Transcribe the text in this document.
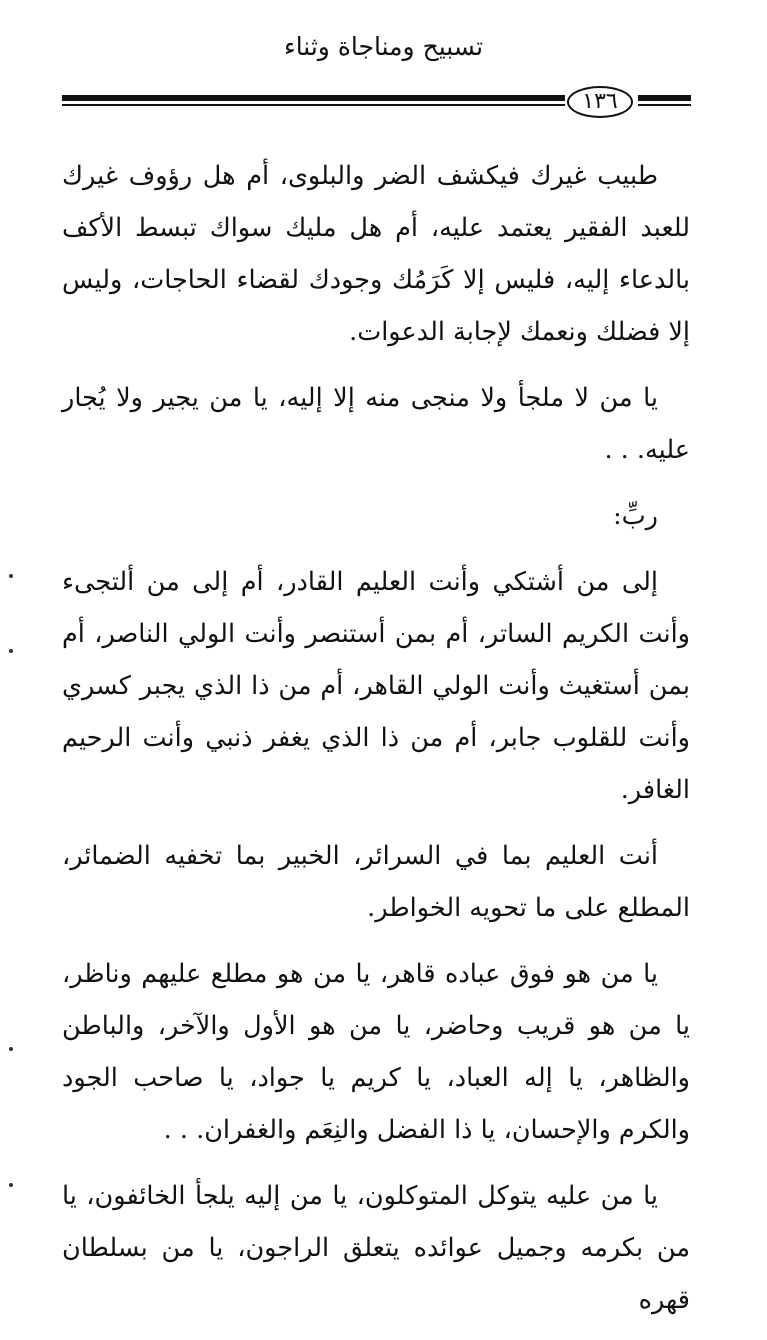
تسبيح ومناجاة وثناء
١٣٦

طبيب غيرك فيكشف الضر والبلوى، أم هل رؤوف غيرك للعبد الفقير يعتمد عليه، أم هل مليك سواك تبسط الأكف بالدعاء إليه، فليس إلا كَرَمُك وجودك لقضاء الحاجات، وليس إلا فضلك ونعمك لإجابة الدعوات.

يا من لا ملجأ ولا منجى منه إلا إليه، يا من يجير ولا يُجار عليه. . .

ربِّ:

إلى من أشتكي وأنت العليم القادر، أم إلى من ألتجىء وأنت الكريم الساتر، أم بمن أستنصر وأنت الولي الناصر، أم بمن أستغيث وأنت الولي القاهر، أم من ذا الذي يجبر كسري وأنت للقلوب جابر، أم من ذا الذي يغفر ذنبي وأنت الرحيم الغافر.

أنت العليم بما في السرائر، الخبير بما تخفيه الضمائر، المطلع على ما تحويه الخواطر.

يا من هو فوق عباده قاهر، يا من هو مطلع عليهم وناظر، يا من هو قريب وحاضر، يا من هو الأول والآخر، والباطن والظاهر، يا إله العباد، يا كريم يا جواد، يا صاحب الجود والكرم والإحسان، يا ذا الفضل والنِعَم والغفران. . .

يا من عليه يتوكل المتوكلون، يا من إليه يلجأ الخائفون، يا من بكرمه وجميل عوائده يتعلق الراجون، يا من بسلطان قهره
